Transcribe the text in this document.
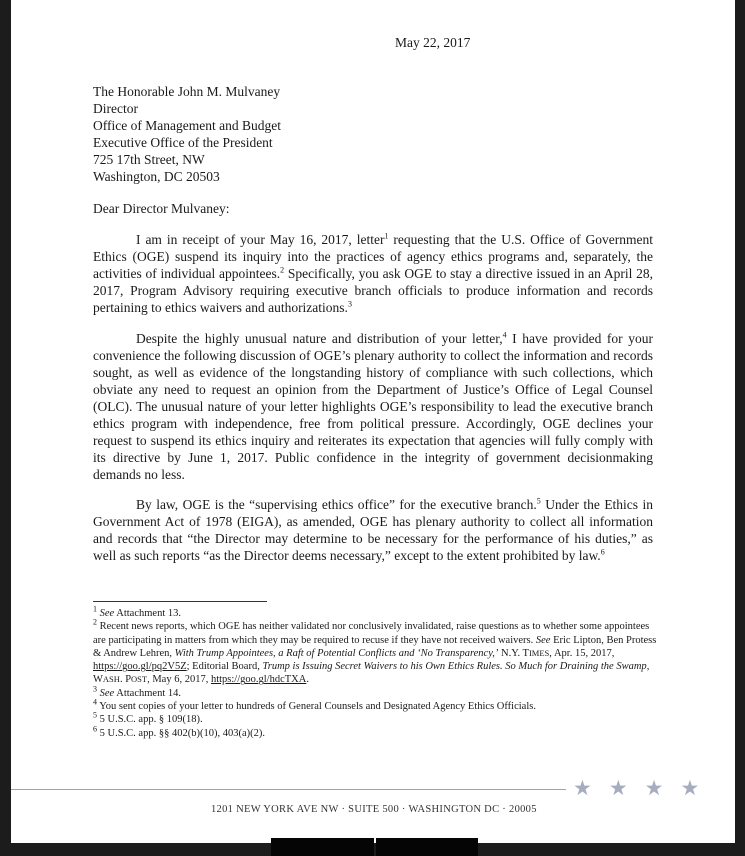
May 22, 2017
The Honorable John M. Mulvaney
Director
Office of Management and Budget
Executive Office of the President
725 17th Street, NW
Washington, DC 20503
Dear Director Mulvaney:
I am in receipt of your May 16, 2017, letter$^1$ requesting that the U.S. Office of Government Ethics (OGE) suspend its inquiry into the practices of agency ethics programs and, separately, the activities of individual appointees.$^2$ Specifically, you ask OGE to stay a directive issued in an April 28, 2017, Program Advisory requiring executive branch officials to produce information and records pertaining to ethics waivers and authorizations.$^3$
Despite the highly unusual nature and distribution of your letter,$^4$ I have provided for your convenience the following discussion of OGE’s plenary authority to collect the information and records sought, as well as evidence of the longstanding history of compliance with such collections, which obviate any need to request an opinion from the Department of Justice’s Office of Legal Counsel (OLC). The unusual nature of your letter highlights OGE’s responsibility to lead the executive branch ethics program with independence, free from political pressure. Accordingly, OGE declines your request to suspend its ethics inquiry and reiterates its expectation that agencies will fully comply with its directive by June 1, 2017. Public confidence in the integrity of government decisionmaking demands no less.
By law, OGE is the “supervising ethics office” for the executive branch.$^5$ Under the Ethics in Government Act of 1978 (EIGA), as amended, OGE has plenary authority to collect all information and records that “the Director may determine to be necessary for the performance of his duties,” as well as such reports “as the Director deems necessary,” except to the extent prohibited by law.$^6$

$^1$ See Attachment 13.

$^2$ Recent news reports, which OGE has neither validated nor conclusively invalidated, raise questions as to whether some appointees are participating in matters from which they may be required to recuse if they have not received waivers. See Eric Lipton, Ben Protess & Andrew Lehren, With Trump Appointees, a Raft of Potential Conflicts and ‘No Transparency,’ N.Y. TIMES, Apr. 15, 2017, https://goo.gl/pq2V5Z; Editorial Board, Trump is Issuing Secret Waivers to his Own Ethics Rules. So Much for Draining the Swamp, WASH. POST, May 6, 2017, https://goo.gl/hdcTXA.

$^3$ See Attachment 14.

$^4$ You sent copies of your letter to hundreds of General Counsels and Designated Agency Ethics Officials.

$^5$ 5 U.S.C. app. § 109(18).

$^6$ 5 U.S.C. app. §§ 402(b)(10), 403(a)(2).

★★★★
1201 NEW YORK AVE NW · SUITE 500 · WASHINGTON DC · 20005
